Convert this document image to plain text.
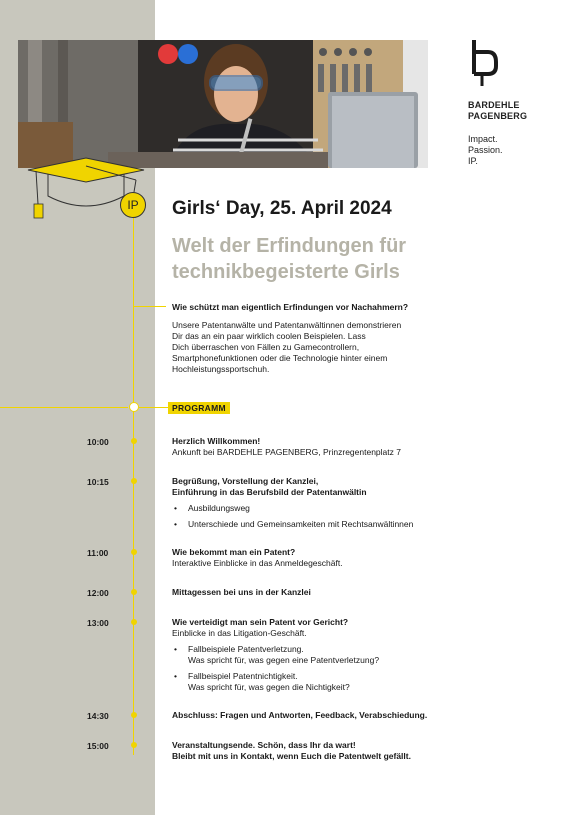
BARDEHLE
PAGENBERG
Impact.
Passion.
IP.
IP	Girls‘ Day, 25. April 2024
Welt der Erfindungen für
technikbegeisterte Girls
Wie schützt man eigentlich Erfindungen vor Nachahmern?
Unsere Patentanwälte und Patentanwältinnen demonstrieren
Dir das an ein paar wirklich coolen Beispielen. Lass
Dich überraschen von Fällen zu Gamecontrollern,
Smartphonefunktionen oder die Technologie hinter einem
Hochleistungssportschuh.
PROGRAMM
10:00	Herzlich Willkommen!
Ankunft bei BARDEHLE PAGENBERG, Prinzregentenplatz 7
10:15	Begrüßung, Vorstellung der Kanzlei,
Einführung in das Berufsbild der Patentanwältin
• Ausbildungsweg
• Unterschiede und Gemeinsamkeiten mit Rechtsanwältinnen
11:00	Wie bekommt man ein Patent?
Interaktive Einblicke in das Anmeldegeschäft.
12:00	Mittagessen bei uns in der Kanzlei
13:00	Wie verteidigt man sein Patent vor Gericht?
Einblicke in das Litigation-Geschäft.
• Fallbeispiele Patentverletzung.
Was spricht für, was gegen eine Patentverletzung?
• Fallbeispiel Patentnichtigkeit.
Was spricht für, was gegen die Nichtigkeit?
14:30	Abschluss: Fragen und Antworten, Feedback, Verabschiedung.
15:00	Veranstaltungsende. Schön, dass Ihr da wart!
Bleibt mit uns in Kontakt, wenn Euch die Patentwelt gefällt.
